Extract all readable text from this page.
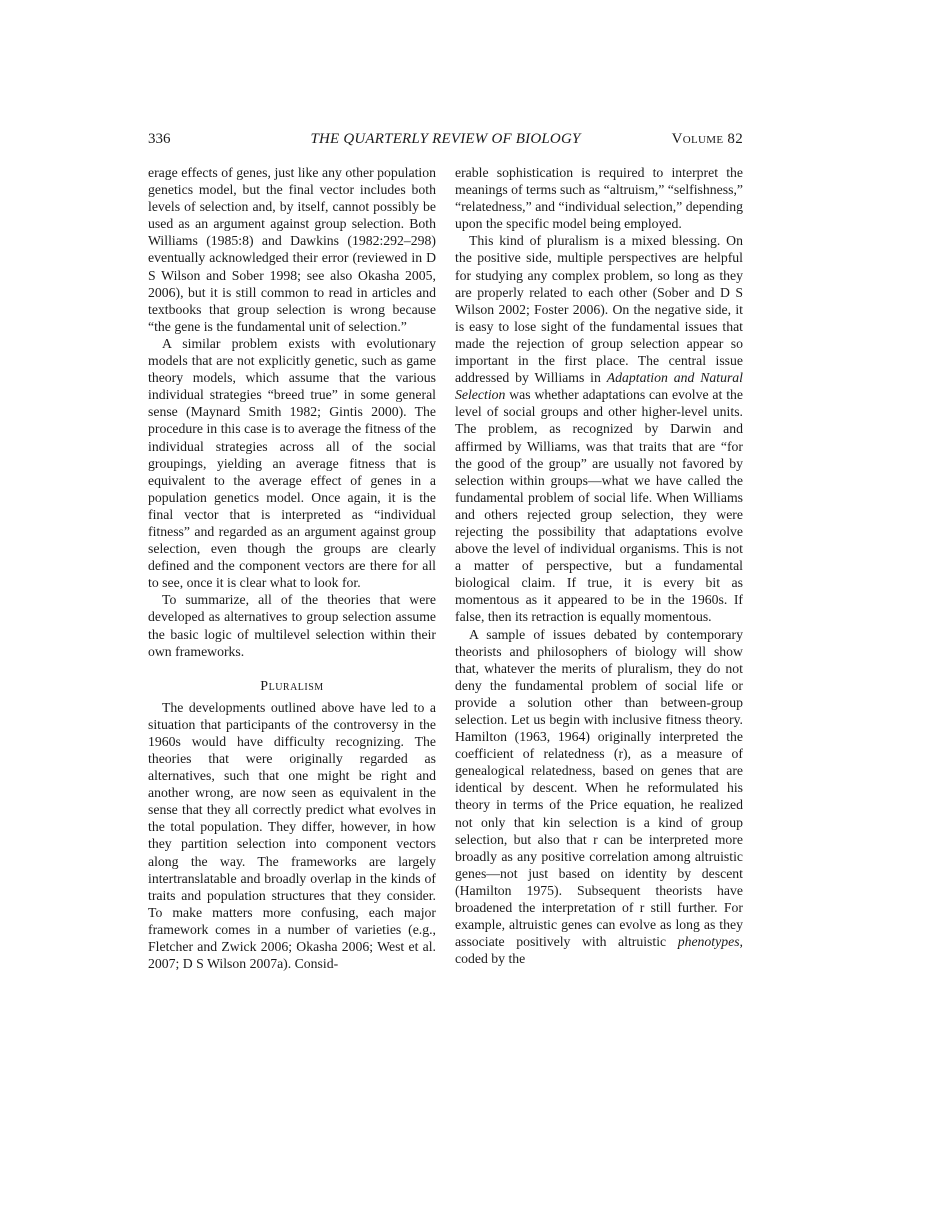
336	THE QUARTERLY REVIEW OF BIOLOGY	Volume 82

erage effects of genes, just like any other population genetics model, but the final vector includes both levels of selection and, by itself, cannot possibly be used as an argument against group selection. Both Williams (1985:8) and Dawkins (1982:292–298) eventually acknowledged their error (reviewed in D S Wilson and Sober 1998; see also Okasha 2005, 2006), but it is still common to read in articles and textbooks that group selection is wrong because “the gene is the fundamental unit of selection.”

A similar problem exists with evolutionary models that are not explicitly genetic, such as game theory models, which assume that the various individual strategies “breed true” in some general sense (Maynard Smith 1982; Gintis 2000). The procedure in this case is to average the fitness of the individual strategies across all of the social groupings, yielding an average fitness that is equivalent to the average effect of genes in a population genetics model. Once again, it is the final vector that is interpreted as “individual fitness” and regarded as an argument against group selection, even though the groups are clearly defined and the component vectors are there for all to see, once it is clear what to look for.

To summarize, all of the theories that were developed as alternatives to group selection assume the basic logic of multilevel selection within their own frameworks.

Pluralism

The developments outlined above have led to a situation that participants of the controversy in the 1960s would have difficulty recognizing. The theories that were originally regarded as alternatives, such that one might be right and another wrong, are now seen as equivalent in the sense that they all correctly predict what evolves in the total population. They differ, however, in how they partition selection into component vectors along the way. The frameworks are largely intertranslatable and broadly overlap in the kinds of traits and population structures that they consider. To make matters more confusing, each major framework comes in a number of varieties (e.g., Fletcher and Zwick 2006; Okasha 2006; West et al. 2007; D S Wilson 2007a). Consid-

erable sophistication is required to interpret the meanings of terms such as “altruism,” “selfishness,” “relatedness,” and “individual selection,” depending upon the specific model being employed.

This kind of pluralism is a mixed blessing. On the positive side, multiple perspectives are helpful for studying any complex problem, so long as they are properly related to each other (Sober and D S Wilson 2002; Foster 2006). On the negative side, it is easy to lose sight of the fundamental issues that made the rejection of group selection appear so important in the first place. The central issue addressed by Williams in Adaptation and Natural Selection was whether adaptations can evolve at the level of social groups and other higher-level units. The problem, as recognized by Darwin and affirmed by Williams, was that traits that are “for the good of the group” are usually not favored by selection within groups—what we have called the fundamental problem of social life. When Williams and others rejected group selection, they were rejecting the possibility that adaptations evolve above the level of individual organisms. This is not a matter of perspective, but a fundamental biological claim. If true, it is every bit as momentous as it appeared to be in the 1960s. If false, then its retraction is equally momentous.

A sample of issues debated by contemporary theorists and philosophers of biology will show that, whatever the merits of pluralism, they do not deny the fundamental problem of social life or provide a solution other than between-group selection. Let us begin with inclusive fitness theory. Hamilton (1963, 1964) originally interpreted the coefficient of relatedness (r), as a measure of genealogical relatedness, based on genes that are identical by descent. When he reformulated his theory in terms of the Price equation, he realized not only that kin selection is a kind of group selection, but also that r can be interpreted more broadly as any positive correlation among altruistic genes—not just based on identity by descent (Hamilton 1975). Subsequent theorists have broadened the interpretation of r still further. For example, altruistic genes can evolve as long as they associate positively with altruistic phenotypes, coded by the
